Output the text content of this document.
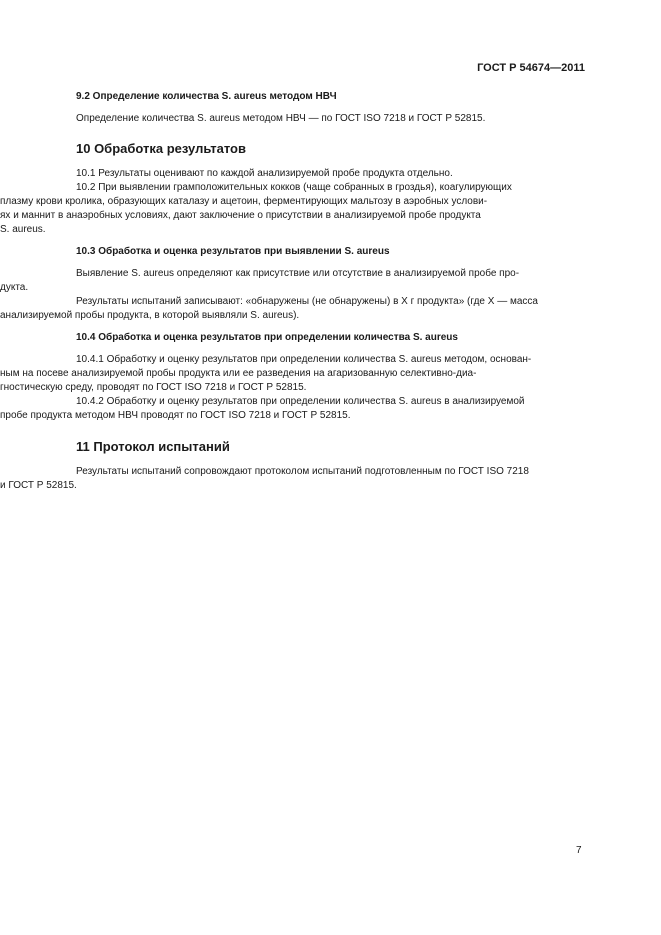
ГОСТ Р 54674—2011
9.2 Определение количества S. aureus методом НВЧ
Определение количества S. aureus методом НВЧ — по ГОСТ ISO 7218 и ГОСТ Р 52815.
10 Обработка результатов
10.1 Результаты оценивают по каждой анализируемой пробе продукта отдельно.
10.2 При выявлении грамположительных кокков (чаще собранных в гроздья), коагулирующих
плазму крови кролика, образующих каталазу и ацетоин, ферментирующих мальтозу в аэробных услови-
ях и маннит в анаэробных условиях, дают заключение о присутствии в анализируемой пробе продукта
S. aureus.
10.3 Обработка и оценка результатов при выявлении S. aureus
Выявление S. aureus определяют как присутствие или отсутствие в анализируемой пробе про-
дукта.
Результаты испытаний записывают: «обнаружены (не обнаружены) в X г продукта» (где X — масса
анализируемой пробы продукта, в которой выявляли S. aureus).
10.4 Обработка и оценка результатов при определении количества S. aureus
10.4.1 Обработку и оценку результатов при определении количества S. aureus методом, основан-
ным на посеве анализируемой пробы продукта или ее разведения на агаризованную селективно-диа-
гностическую среду, проводят по ГОСТ ISO 7218 и ГОСТ Р 52815.
10.4.2 Обработку и оценку результатов при определении количества S. aureus в анализируемой
пробе продукта методом НВЧ проводят по ГОСТ ISO 7218 и ГОСТ Р 52815.
11 Протокол испытаний
Результаты испытаний сопровождают протоколом испытаний подготовленным по ГОСТ ISO 7218
и ГОСТ Р 52815.
7
